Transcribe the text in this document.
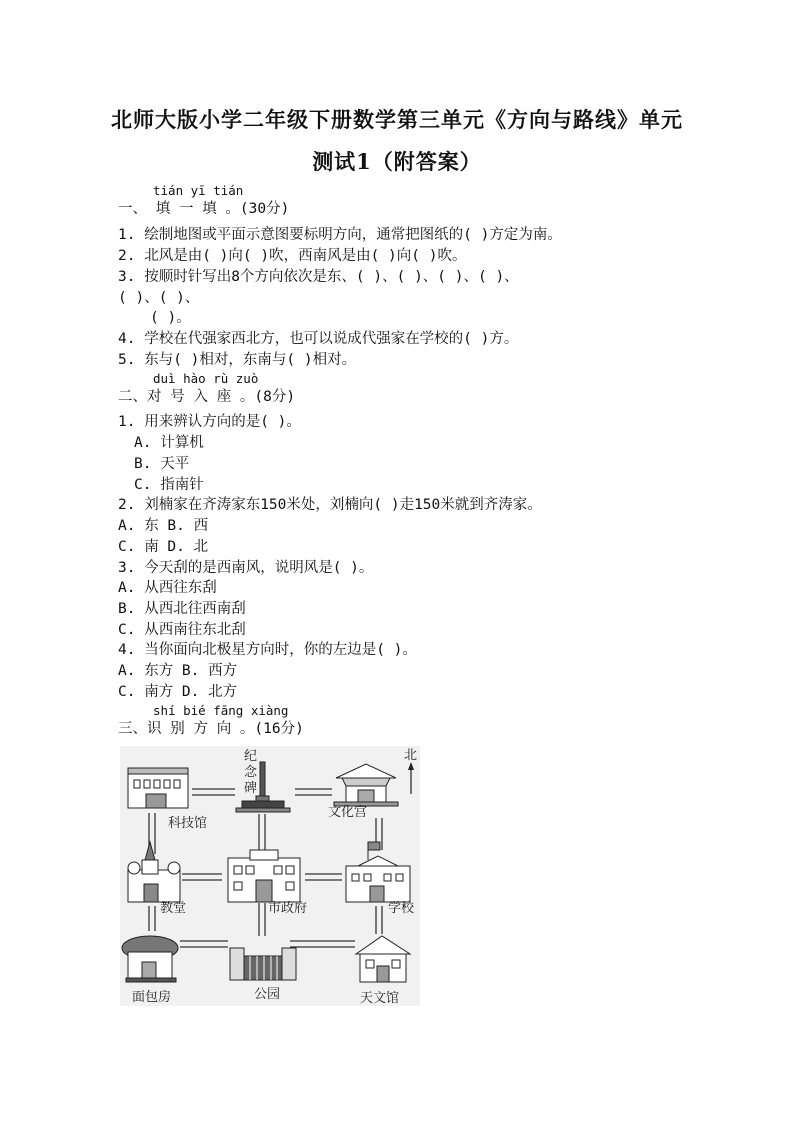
北师大版小学二年级下册数学第三单元《方向与路线》单元
测试1（附答案）
tián yī tián
一、 填 一 填 。(30分)
1. 绘制地图或平面示意图要标明方向，通常把图纸的( )方定为南。
2. 北风是由( )向( )吹，西南风是由( )向( )吹。
3. 按顺时针写出8个方向依次是东、( )、( )、( )、( )、
( )、( )、
( )。
4. 学校在代强家西北方，也可以说成代强家在学校的( )方。
5. 东与( )相对，东南与( )相对。
duì hào rù zuò
二、对 号 入 座 。(8分)
1. 用来辨认方向的是( )。
A. 计算机
B. 天平
C. 指南针
2. 刘楠家在齐涛家东150米处，刘楠向( )走150米就到齐涛家。
A. 东 B. 西
C. 南 D. 北
3. 今天刮的是西南风，说明风是( )。
A. 从西往东刮
B. 从西北往西南刮
C. 从西南往东北刮
4. 当你面向北极星方向时，你的左边是( )。
A. 东方 B. 西方
C. 南方 D. 北方
shí bié fāng xiàng
三、识 别 方 向 。(16分)
北
科技馆
纪
念
碑
文化宫
教堂	市政府	学校
面包房	公园	天文馆
